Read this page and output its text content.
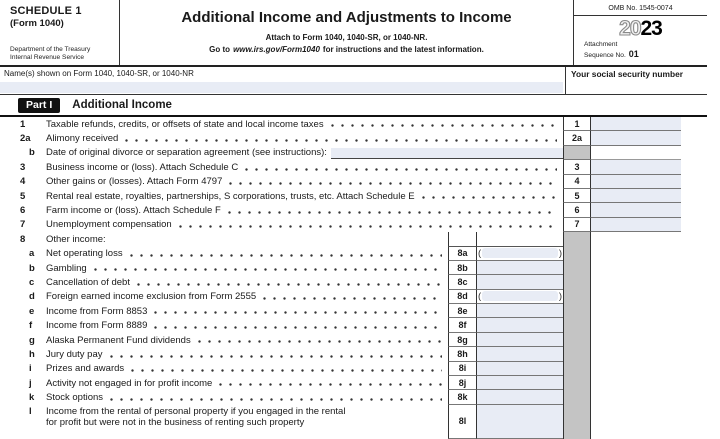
SCHEDULE 1
(Form 1040)
Department of the Treasury
Internal Revenue Service
Additional Income and Adjustments to Income
Attach to Form 1040, 1040-SR, or 1040-NR.
Go to www.irs.gov/Form1040 for instructions and the latest information.
OMB No. 1545-0074
2023
Attachment
Sequence No. 01
Name(s) shown on Form 1040, 1040-SR, or 1040-NR	Your social security number
Part I	Additional Income
1	Taxable refunds, credits, or offsets of state and local income taxes	1
2a	Alimony received	2a
b	Date of original divorce or separation agreement (see instructions):
3	Business income or (loss). Attach Schedule C	3
4	Other gains or (losses). Attach Form 4797	4
5	Rental real estate, royalties, partnerships, S corporations, trusts, etc. Attach Schedule E	5
6	Farm income or (loss). Attach Schedule F	6
7	Unemployment compensation	7
8	Other income:
a	Net operating loss	8a	(	)
b	Gambling	8b
c	Cancellation of debt	8c
d	Foreign earned income exclusion from Form 2555	8d	(	)
e	Income from Form 8853	8e
f	Income from Form 8889	8f
g	Alaska Permanent Fund dividends	8g
h	Jury duty pay	8h
i	Prizes and awards	8i
j	Activity not engaged in for profit income	8j
k	Stock options	8k
l	Income from the rental of personal property if you engaged in the rental
for profit but were not in the business of renting such property	8l
